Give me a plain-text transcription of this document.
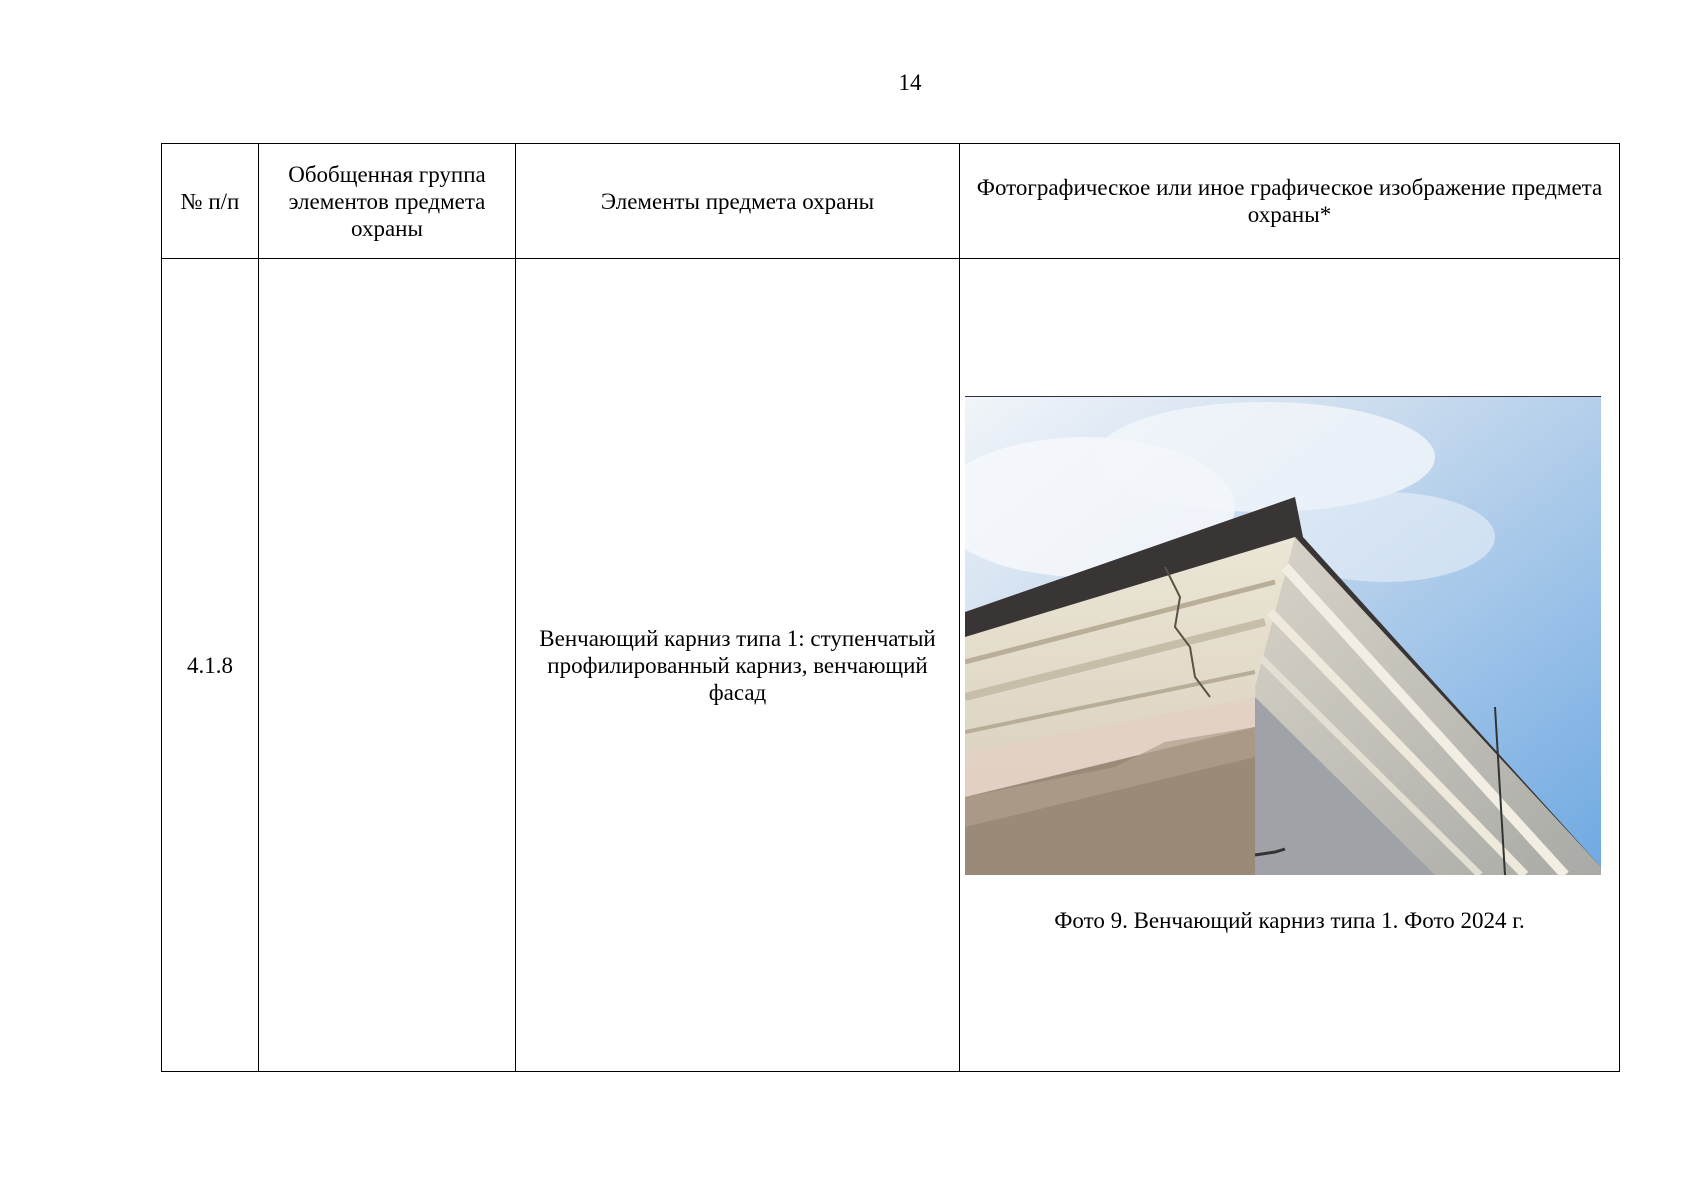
14
№ п/п	Обобщенная группа элементов предмета охраны	Элементы предмета охраны	Фотографическое или иное графическое изображение предмета охраны*
4.1.8		Венчающий карниз типа 1: ступенчатый профилированный карниз, венчающий фасад	Фото 9. Венчающий карниз типа 1. Фото 2024 г.
